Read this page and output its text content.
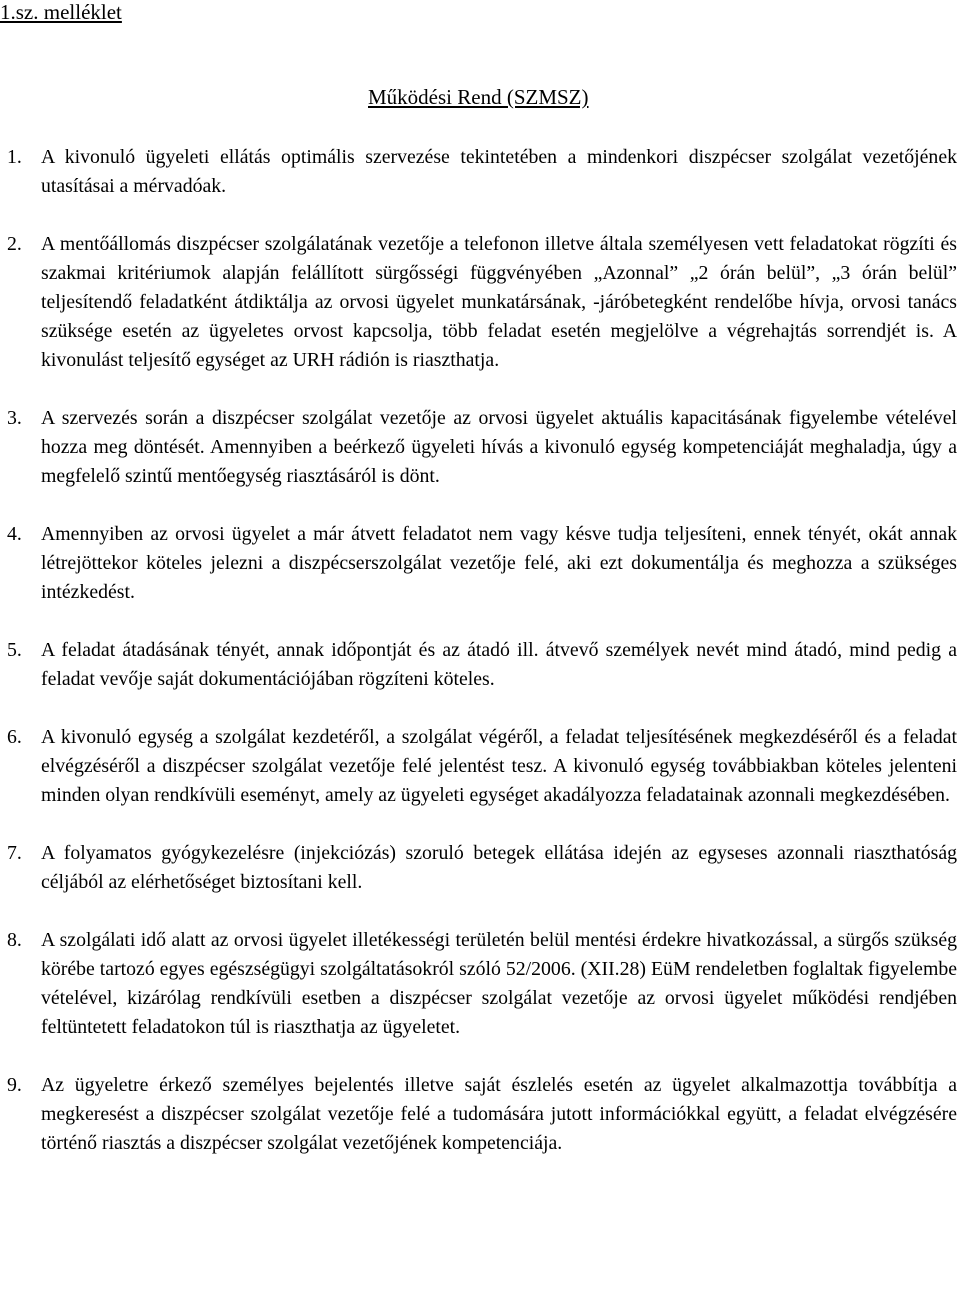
1.sz. melléklet
Működési Rend (SZMSZ)
1. A kivonuló ügyeleti ellátás optimális szervezése tekintetében a mindenkori diszpécser szolgálat vezetőjének utasításai a mérvadóak.
2. A mentőállomás diszpécser szolgálatának vezetője a telefonon illetve általa személyesen vett feladatokat rögzíti és szakmai kritériumok alapján felállított sürgősségi függvényében „Azonnal” „2 órán belül”, „3 órán belül” teljesítendő feladatként átdiktálja az orvosi ügyelet munkatársának, -járóbetegként rendelőbe hívja, orvosi tanács szüksége esetén az ügyeletes orvost kapcsolja, több feladat esetén megjelölve a végrehajtás sorrendjét is. A kivonulást teljesítő egységet az URH rádión is riaszthatja.
3. A szervezés során a diszpécser szolgálat vezetője az orvosi ügyelet aktuális kapacitásának figyelembe vételével hozza meg döntését. Amennyiben a beérkező ügyeleti hívás a kivonuló egység kompetenciáját meghaladja, úgy a megfelelő szintű mentőegység riasztásáról is dönt.
4. Amennyiben az orvosi ügyelet a már átvett feladatot nem vagy késve tudja teljesíteni, ennek tényét, okát annak létrejöttekor köteles jelezni a diszpécserszolgálat vezetője felé, aki ezt dokumentálja és meghozza a szükséges intézkedést.
5. A feladat átadásának tényét, annak időpontját és az átadó ill. átvevő személyek nevét mind átadó, mind pedig a feladat vevője saját dokumentációjában rögzíteni köteles.
6. A kivonuló egység a szolgálat kezdetéről, a szolgálat végéről, a feladat teljesítésének megkezdéséről és a feladat elvégzéséről a diszpécser szolgálat vezetője felé jelentést tesz. A kivonuló egység továbbiakban köteles jelenteni minden olyan rendkívüli eseményt, amely az ügyeleti egységet akadályozza feladatainak azonnali megkezdésében.
7. A folyamatos gyógykezelésre (injekciózás) szoruló betegek ellátása idején az egyseses azonnali riaszthatóság céljából az elérhetőséget biztosítani kell.
8. A szolgálati idő alatt az orvosi ügyelet illetékességi területén belül mentési érdekre hivatkozással, a sürgős szükség körébe tartozó egyes egészségügyi szolgáltatásokról szóló 52/2006. (XII.28) EüM rendeletben foglaltak figyelembe vételével, kizárólag rendkívüli esetben a diszpécser szolgálat vezetője az orvosi ügyelet működési rendjében feltüntetett feladatokon túl is riaszthatja az ügyeletet.
9. Az ügyeletre érkező személyes bejelentés illetve saját észlelés esetén az ügyelet alkalmazottja továbbítja a megkeresést a diszpécser szolgálat vezetője felé a tudomására jutott információkkal együtt, a feladat elvégzésére történő riasztás a diszpécser szolgálat vezetőjének kompetenciája.
